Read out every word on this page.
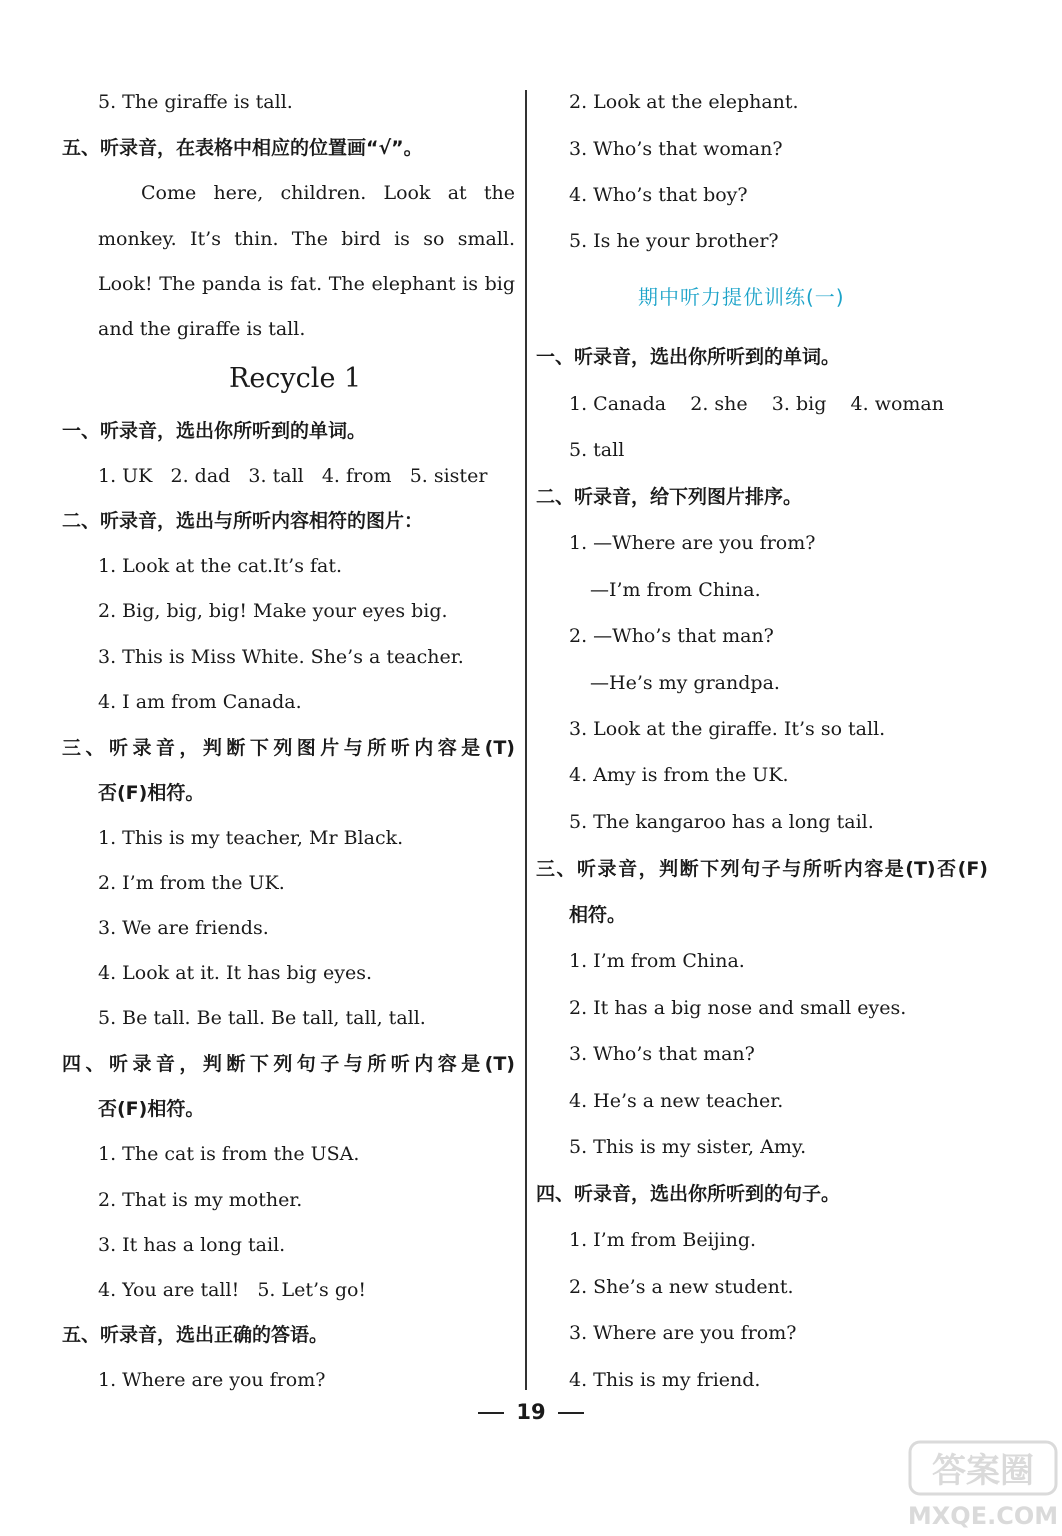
5. The giraffe is tall.
五、听录音，在表格中相应的位置画“√”。
Come here, children. Look at the
monkey. It’s thin. The bird is so small.
Look! The panda is fat. The elephant is big
and the giraffe is tall.
Recycle 1
一、听录音，选出你所听到的单词。
1. UK   2. dad   3. tall   4. from   5. sister
二、听录音，选出与所听内容相符的图片：
1. Look at the cat.It’s fat.
2. Big, big, big! Make your eyes big.
3. This is Miss White. She’s a teacher.
4. I am from Canada.
三、听录音，判断下列图片与所听内容是(T)
否(F)相符。
1. This is my teacher, Mr Black.
2. I’m from the UK.
3. We are friends.
4. Look at it. It has big eyes.
5. Be tall. Be tall. Be tall, tall, tall.
四、听录音，判断下列句子与所听内容是(T)
否(F)相符。
1. The cat is from the USA.
2. That is my mother.
3. It has a long tail.
4. You are tall!   5. Let’s go!
五、听录音，选出正确的答语。
1. Where are you from?
2. Look at the elephant.
3. Who’s that woman?
4. Who’s that boy?
5. Is he your brother?
期中听力提优训练(一)
一、听录音，选出你所听到的单词。
1. Canada    2. she    3. big    4. woman
5. tall
二、听录音，给下列图片排序。
1. —Where are you from?
—I’m from China.
2. —Who’s that man?
—He’s my grandpa.
3. Look at the giraffe. It’s so tall.
4. Amy is from the UK.
5. The kangaroo has a long tail.
三、听录音，判断下列句子与所听内容是(T)否(F)
相符。
1. I’m from China.
2. It has a big nose and small eyes.
3. Who’s that man?
4. He’s a new teacher.
5. This is my sister, Amy.
四、听录音，选出你所听到的句子。
1. I’m from Beijing.
2. She’s a new student.
3. Where are you from?
4. This is my friend.
19
答案圈
MXQE.COM
